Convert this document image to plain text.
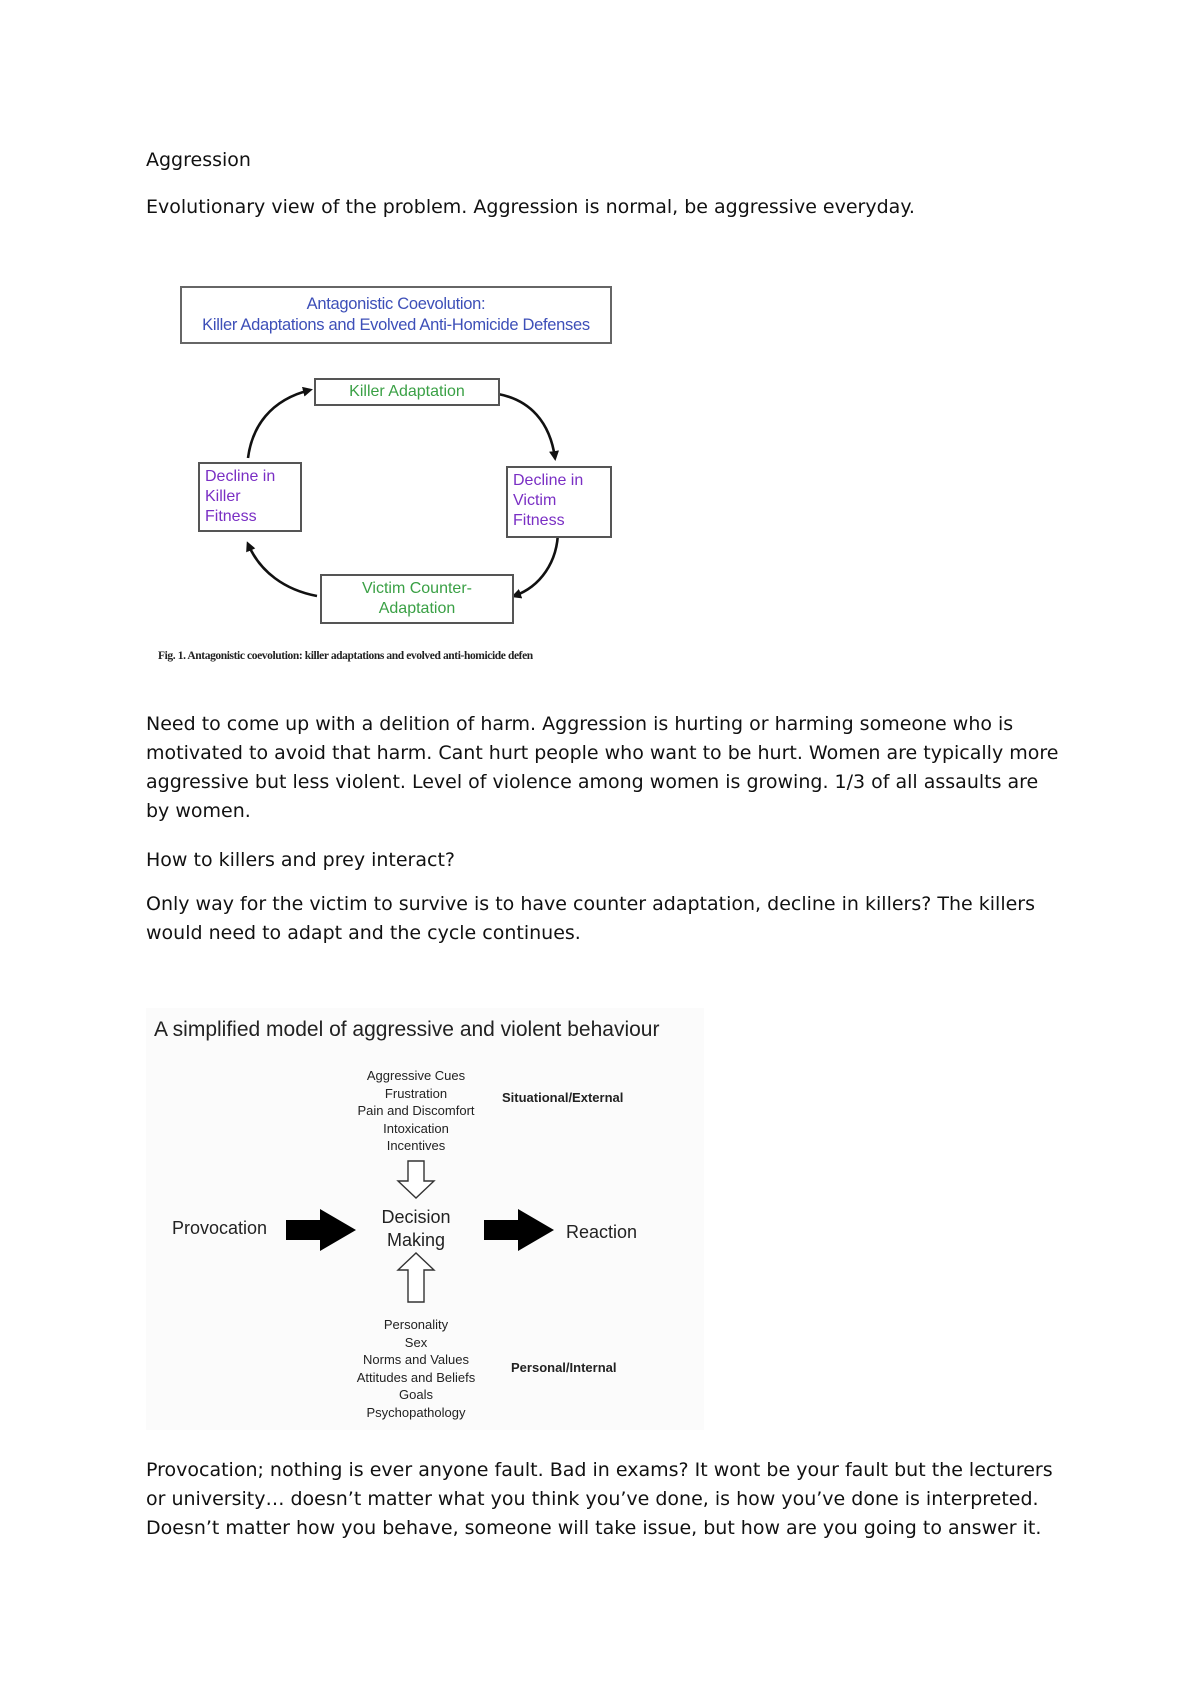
Aggression

Evolutionary view of the problem. Aggression is normal, be aggressive everyday.

Antagonistic Coevolution:
Killer Adaptations and Evolved Anti-Homicide Defenses
Killer Adaptation
Decline in
Victim
Fitness
Victim Counter-
Adaptation
Decline in
Killer
Fitness
Fig. 1. Antagonistic coevolution: killer adaptations and evolved anti-homicide defen

Need to come up with a delition of harm. Aggression is hurting or harming someone who is motivated to avoid that harm. Cant hurt people who want to be hurt. Women are typically more aggressive but less violent. Level of violence among women is growing. 1/3 of all assaults are by women.

How to killers and prey interact?

Only way for the victim to survive is to have counter adaptation, decline in killers? The killers would need to adapt and the cycle continues.

A simplified model of aggressive and violent behaviour
Aggressive Cues
Frustration
Pain and Discomfort
Intoxication
Incentives
Situational/External
Provocation
Decision
Making	Reaction
Personality
Sex
Norms and Values
Attitudes and Beliefs
Goals
Psychopathology
Personal/Internal

Provocation; nothing is ever anyone fault. Bad in exams? It wont be your fault but the lecturers or university… doesn’t matter what you think you’ve done, is how you’ve done is interpreted. Doesn’t matter how you behave, someone will take issue, but how are you going to answer it.
